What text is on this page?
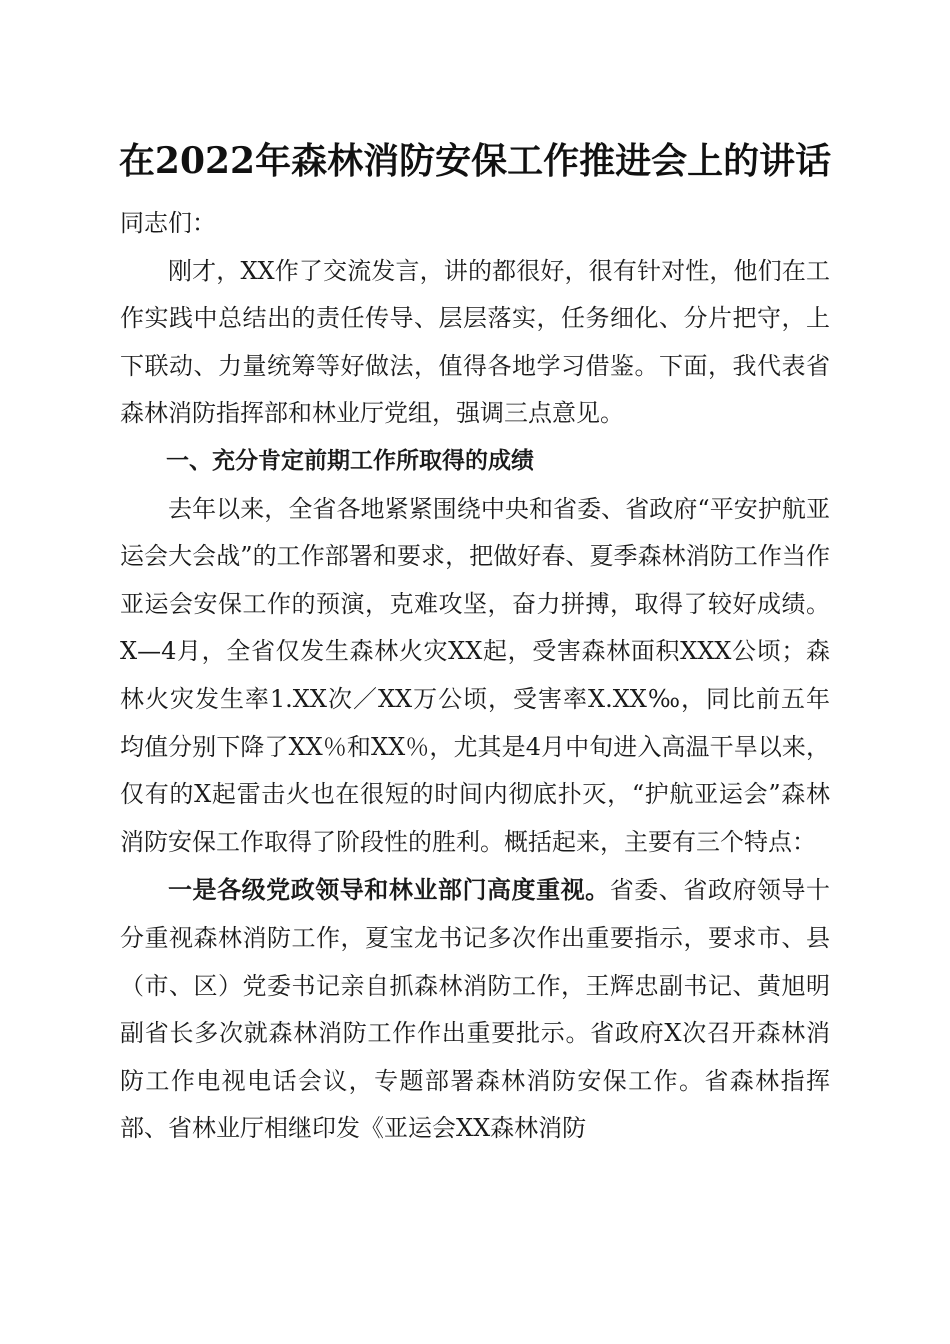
在2022年森林消防安保工作推进会上的讲话

同志们：

刚才，XX作了交流发言，讲的都很好，很有针对性，他们在工作实践中总结出的责任传导、层层落实，任务细化、分片把守，上下联动、力量统筹等好做法，值得各地学习借鉴。下面，我代表省森林消防指挥部和林业厅党组，强调三点意见。

一、充分肯定前期工作所取得的成绩

去年以来，全省各地紧紧围绕中央和省委、省政府“平安护航亚运会大会战”的工作部署和要求，把做好春、夏季森林消防工作当作亚运会安保工作的预演，克难攻坚，奋力拼搏，取得了较好成绩。X—4月，全省仅发生森林火灾XX起，受害森林面积XXX公顷；森林火灾发生率1.XX次／XX万公顷，受害率X.XX‰，同比前五年均值分别下降了XX％和XX％，尤其是4月中旬进入高温干旱以来，仅有的X起雷击火也在很短的时间内彻底扑灭，“护航亚运会”森林消防安保工作取得了阶段性的胜利。概括起来，主要有三个特点：

一是各级党政领导和林业部门高度重视。省委、省政府领导十分重视森林消防工作，夏宝龙书记多次作出重要指示，要求市、县（市、区）党委书记亲自抓森林消防工作，王辉忠副书记、黄旭明副省长多次就森林消防工作作出重要批示。省政府X次召开森林消防工作电视电话会议，专题部署森林消防安保工作。省森林指挥部、省林业厅相继印发《亚运会XX森林消防
